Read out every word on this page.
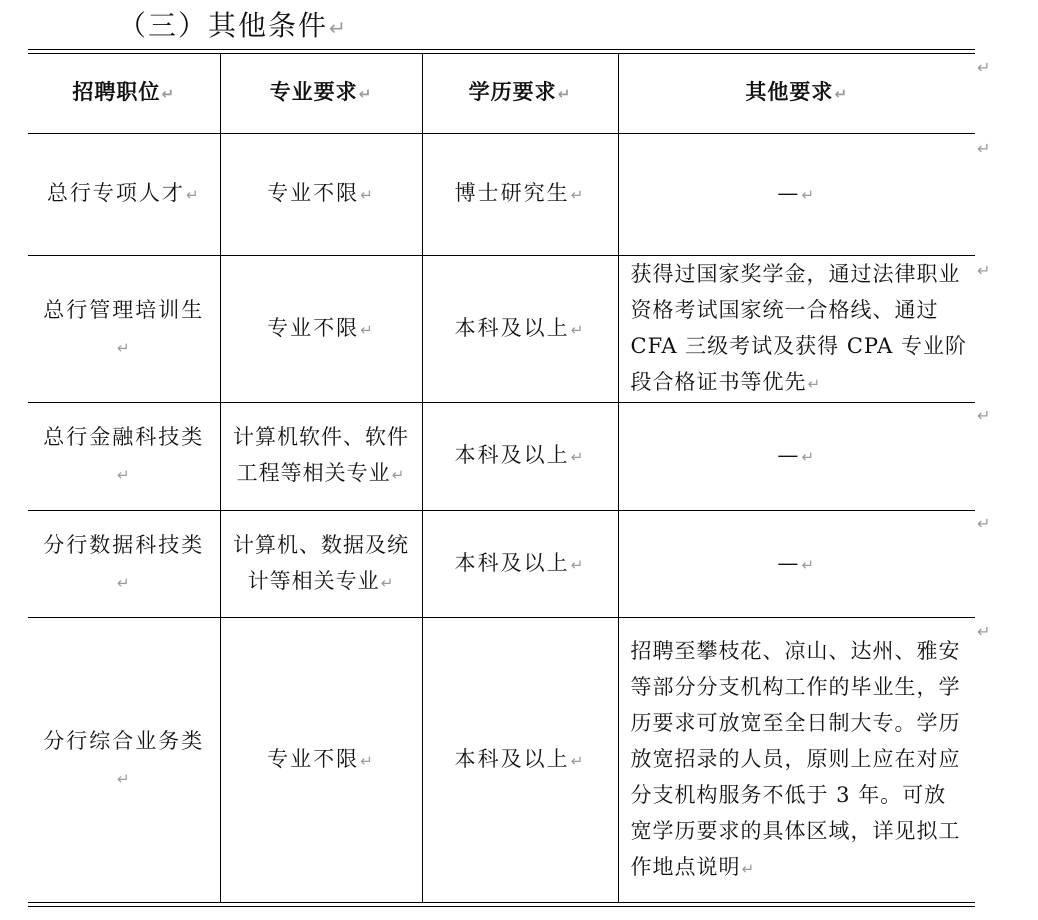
（三）其他条件↵
招聘职位↵	专业要求↵	学历要求↵	其他要求↵
总行专项人才↵	专业不限↵	博士研究生↵	—↵
总行管理培训生↵	专业不限↵	本科及以上↵	获得过国家奖学金，通过法律职业资格考试国家统一合格线、通过 CFA 三级考试及获得 CPA 专业阶段合格证书等优先↵
总行金融科技类↵	计算机软件、软件工程等相关专业↵	本科及以上↵	—↵
分行数据科技类↵	计算机、数据及统计等相关专业↵	本科及以上↵	—↵
分行综合业务类↵	专业不限↵	本科及以上↵	招聘至攀枝花、凉山、达州、雅安等部分分支机构工作的毕业生，学历要求可放宽至全日制大专。学历放宽招录的人员，原则上应在对应分支机构服务不低于 3 年。可放宽学历要求的具体区域，详见拟工作地点说明↵
↵
↵
↵
↵
↵
↵
